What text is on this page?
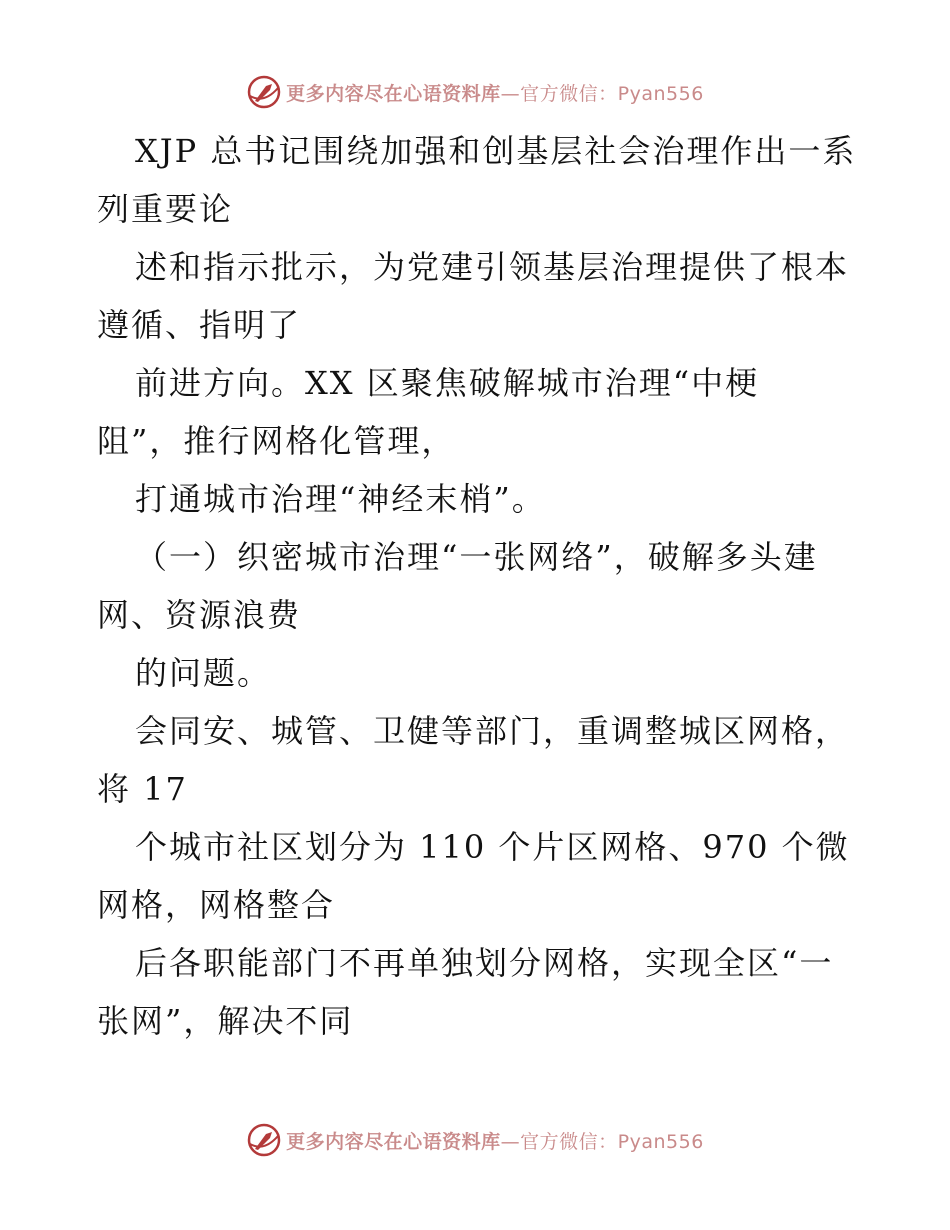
更多内容尽在心语资料库—官方微信：Pyan556
XJP 总书记围绕加强和创基层社会治理作出一系
列重要论
述和指示批示，为党建引领基层治理提供了根本
遵循、指明了
前进方向。XX 区聚焦破解城市治理“中梗
阻”，推行网格化管理，
打通城市治理“神经末梢”。
（一）织密城市治理“一张网络”，破解多头建
网、资源浪费
的问题。
会同安、城管、卫健等部门，重调整城区网格，
将 17
个城市社区划分为 110 个片区网格、970 个微
网格，网格整合
后各职能部门不再单独划分网格，实现全区“一
张网”，解决不同
更多内容尽在心语资料库—官方微信：Pyan556
